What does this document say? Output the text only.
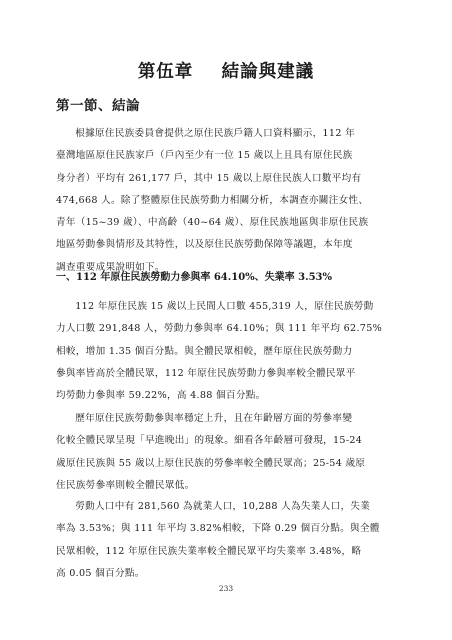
第伍章    結論與建議
第一節、結論
根據原住民族委員會提供之原住民族戶籍人口資料顯示，112 年
臺灣地區原住民族家戶（戶內至少有一位 15 歲以上且具有原住民族
身分者）平均有 261,177 戶，其中 15 歲以上原住民族人口數平均有
474,668 人。除了整體原住民族勞動力相關分析，本調查亦關注女性、
青年（15~39 歲）、中高齡（40~64 歲）、原住民族地區與非原住民族
地區勞動參與情形及其特性，以及原住民族勞動保障等議題，本年度
調查重要成果說明如下。
一、112 年原住民族勞動力參與率 64.10%、失業率 3.53%
112 年原住民族 15 歲以上民間人口數 455,319 人，原住民族勞動
力人口數 291,848 人，勞動力參與率 64.10%；與 111 年平均 62.75%
相較，增加 1.35 個百分點。與全體民眾相較，歷年原住民族勞動力
參與率皆高於全體民眾，112 年原住民族勞動力參與率較全體民眾平
均勞動力參與率 59.22%，高 4.88 個百分點。
歷年原住民族勞動參與率穩定上升，且在年齡層方面的勞參率變
化較全體民眾呈現「早進晚出」的現象。細看各年齡層可發現，15-24
歲原住民族與 55 歲以上原住民族的勞參率較全體民眾高；25-54 歲原
住民族勞參率則較全體民眾低。
勞動人口中有 281,560 為就業人口，10,288 人為失業人口，失業
率為 3.53%；與 111 年平均 3.82%相較，下降 0.29 個百分點。與全體
民眾相較，112 年原住民族失業率較全體民眾平均失業率 3.48%，略
高 0.05 個百分點。
233
